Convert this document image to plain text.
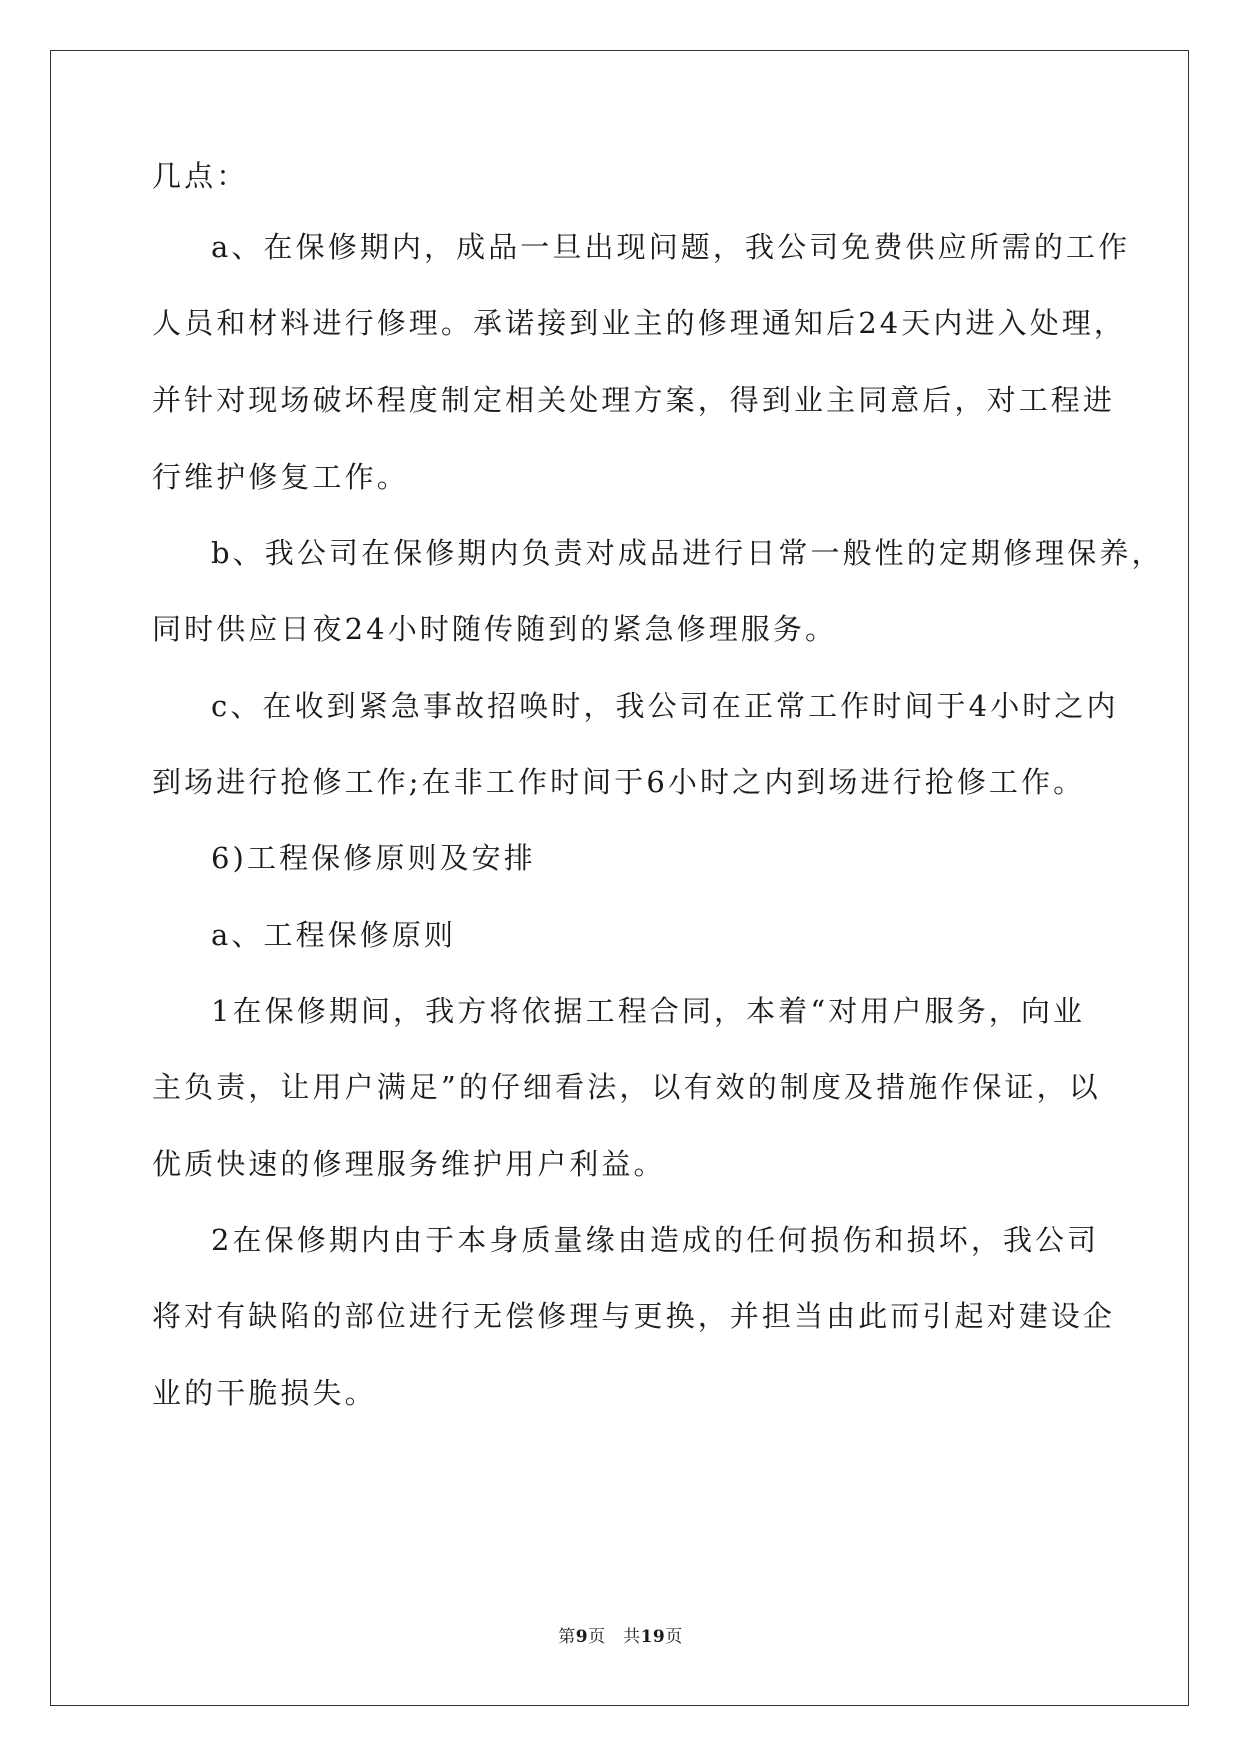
几点：
a、在保修期内，成品一旦出现问题，我公司免费供应所需的工作
人员和材料进行修理。承诺接到业主的修理通知后24天内进入处理，
并针对现场破坏程度制定相关处理方案，得到业主同意后，对工程进
行维护修复工作。
b、我公司在保修期内负责对成品进行日常一般性的定期修理保养，
同时供应日夜24小时随传随到的紧急修理服务。
c、在收到紧急事故招唤时，我公司在正常工作时间于4小时之内
到场进行抢修工作;在非工作时间于6小时之内到场进行抢修工作。
6)工程保修原则及安排
a、工程保修原则
1在保修期间，我方将依据工程合同，本着“对用户服务，向业
主负责，让用户满足”的仔细看法，以有效的制度及措施作保证，以
优质快速的修理服务维护用户利益。
2在保修期内由于本身质量缘由造成的任何损伤和损坏，我公司
将对有缺陷的部位进行无偿修理与更换，并担当由此而引起对建设企
业的干脆损失。
第9页　共19页
